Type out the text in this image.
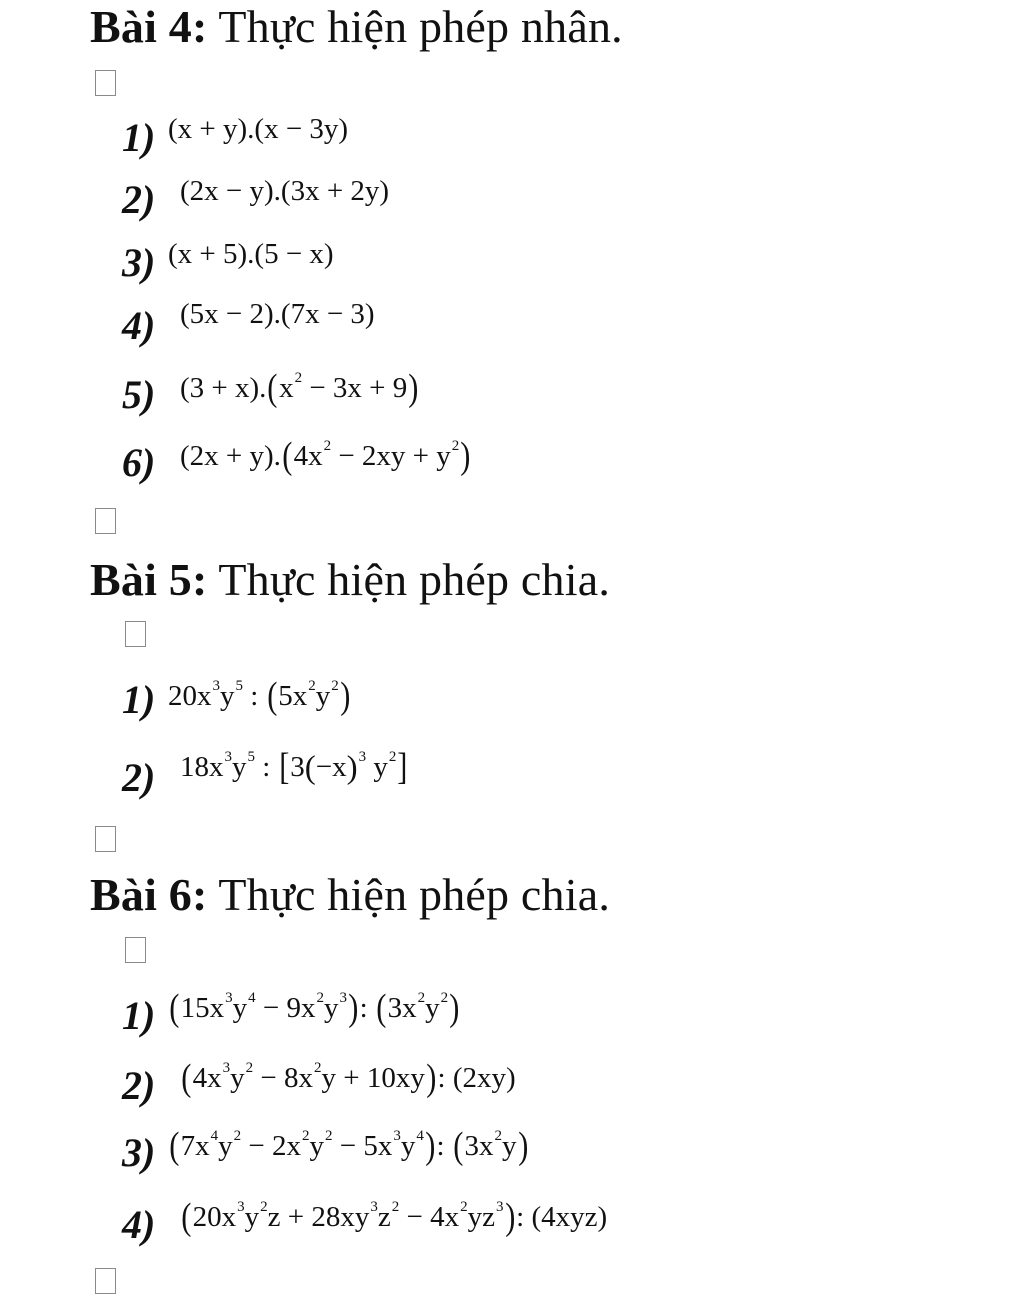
Bài 4: Thực hiện phép nhân.
1) (x + y).(x − 3y)
2) (2x − y).(3x + 2y)
3) (x + 5).(5 − x)
4) (5x − 2).(7x − 3)
5) $(3 + x).(x^2 - 3x + 9)$
6) $(2x + y).(4x^2 - 2xy + y^2)$
Bài 5: Thực hiện phép chia.
1) $20x^3y^5$ : $(5x^2y^2)$
2) $18x^3y^5$ : [$3(-x)^3$ $y^2$]
Bài 6: Thực hiện phép chia.
1) $(15x^3y^4 - 9x^2y^3)$: $(3x^2y^2)$
2) $(4x^3y^2 - 8x^2y + 10xy)$: (2xy)
3) $(7x^4y^2 - 2x^2y^2 - 5x^3y^4)$: $(3x^2y)$
4) $(20x^3y^2z + 28xy^3z^2 - 4x^2yz^3)$: (4xyz)
